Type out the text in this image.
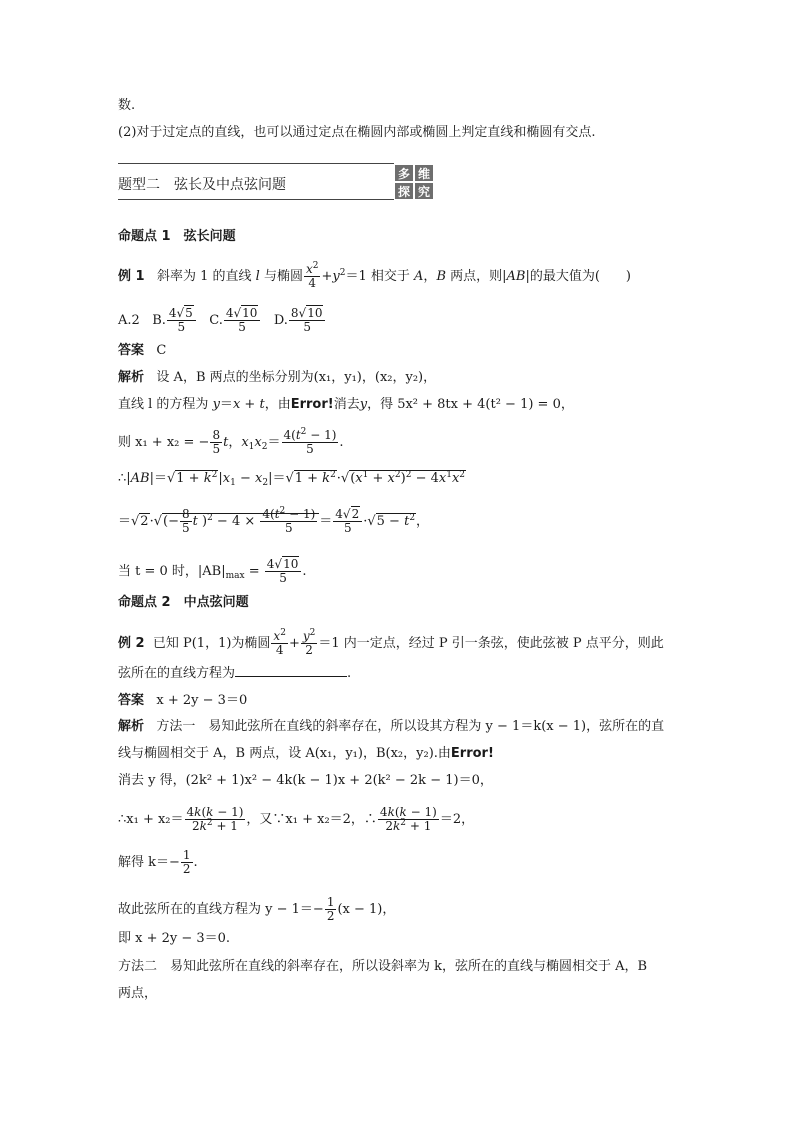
数.
(2)对于过定点的直线，也可以通过定点在椭圆内部或椭圆上判定直线和椭圆有交点.
题型二　弦长及中点弦问题
多 维
探 究
命题点 1　弦长问题
例 1 斜率为 1 的直线 l 与椭圆 $\frac{x^2}{4} +y^2=1$ 相交于 A，B 两点，则|AB|的最大值为( )
A.2 B. $\frac{4√5}{5} C$. $\frac{4√10}{5} D$. $\frac{8√10}{5}$
答案 C
解析 设 A，B 两点的坐标分别为(x₁，y₁)，(x₂，y₂)，
直线 l 的方程为 y＝x + t，由Error!消去y，得 5x² + 8tx + 4(t² − 1) = 0，
则 x₁ + x₂ = − $\frac{8}{5}$ t，$x_1x_2= \frac{4(t^2 - 1)}{5}$ .
∴|AB|＝√1 + $k^2|x_1 - x_2|=√1 + k^2\cdot√(x^1 + x^2)^2 - 4x^1x^2$
$=√2\cdot√(- \frac{8}{5}$ t )$^2 - 4 \times \frac{4(t^2 - 1)}{5} = \frac{4√2}{5} \cdot√5 - t^2$，
当 t = 0 时，$|AB|_{max} = \frac{4√10}{5}$ .
命题点 2　中点弦问题
例 2 已知 P(1，1)为椭圆 $\frac{x^2}{4} + \frac{y^2}{2} =1$ 内一定点，经过 P 引一条弦，使此弦被 P 点平分，则此
弦所在的直线方程为	.
答案 x + 2y − 3＝0
解析 方法一　易知此弦所在直线的斜率存在，所以设其方程为 y − 1＝k(x − 1)，弦所在的直
线与椭圆相交于 A，B 两点，设 A(x₁，y₁)，B(x₂，y₂).由Error!
消去 y 得，(2k² + 1)x² − 4k(k − 1)x + 2(k² − 2k − 1)＝0，
∴x₁ + $x_2= \frac{4k(k - 1)}{2k^2 + 1}$ ，又∵x₁ + x₂＝2，∴ $\frac{4k(k - 1)}{2k^2 + 1} =2$，
解得 $k=- \frac{1}{2}$ .
故此弦所在的直线方程为 $y - 1=- \frac{1}{2} (x - 1)$，
即 x + 2y − 3＝0.
方法二　易知此弦所在直线的斜率存在，所以设斜率为 k，弦所在的直线与椭圆相交于 A，B
两点，
